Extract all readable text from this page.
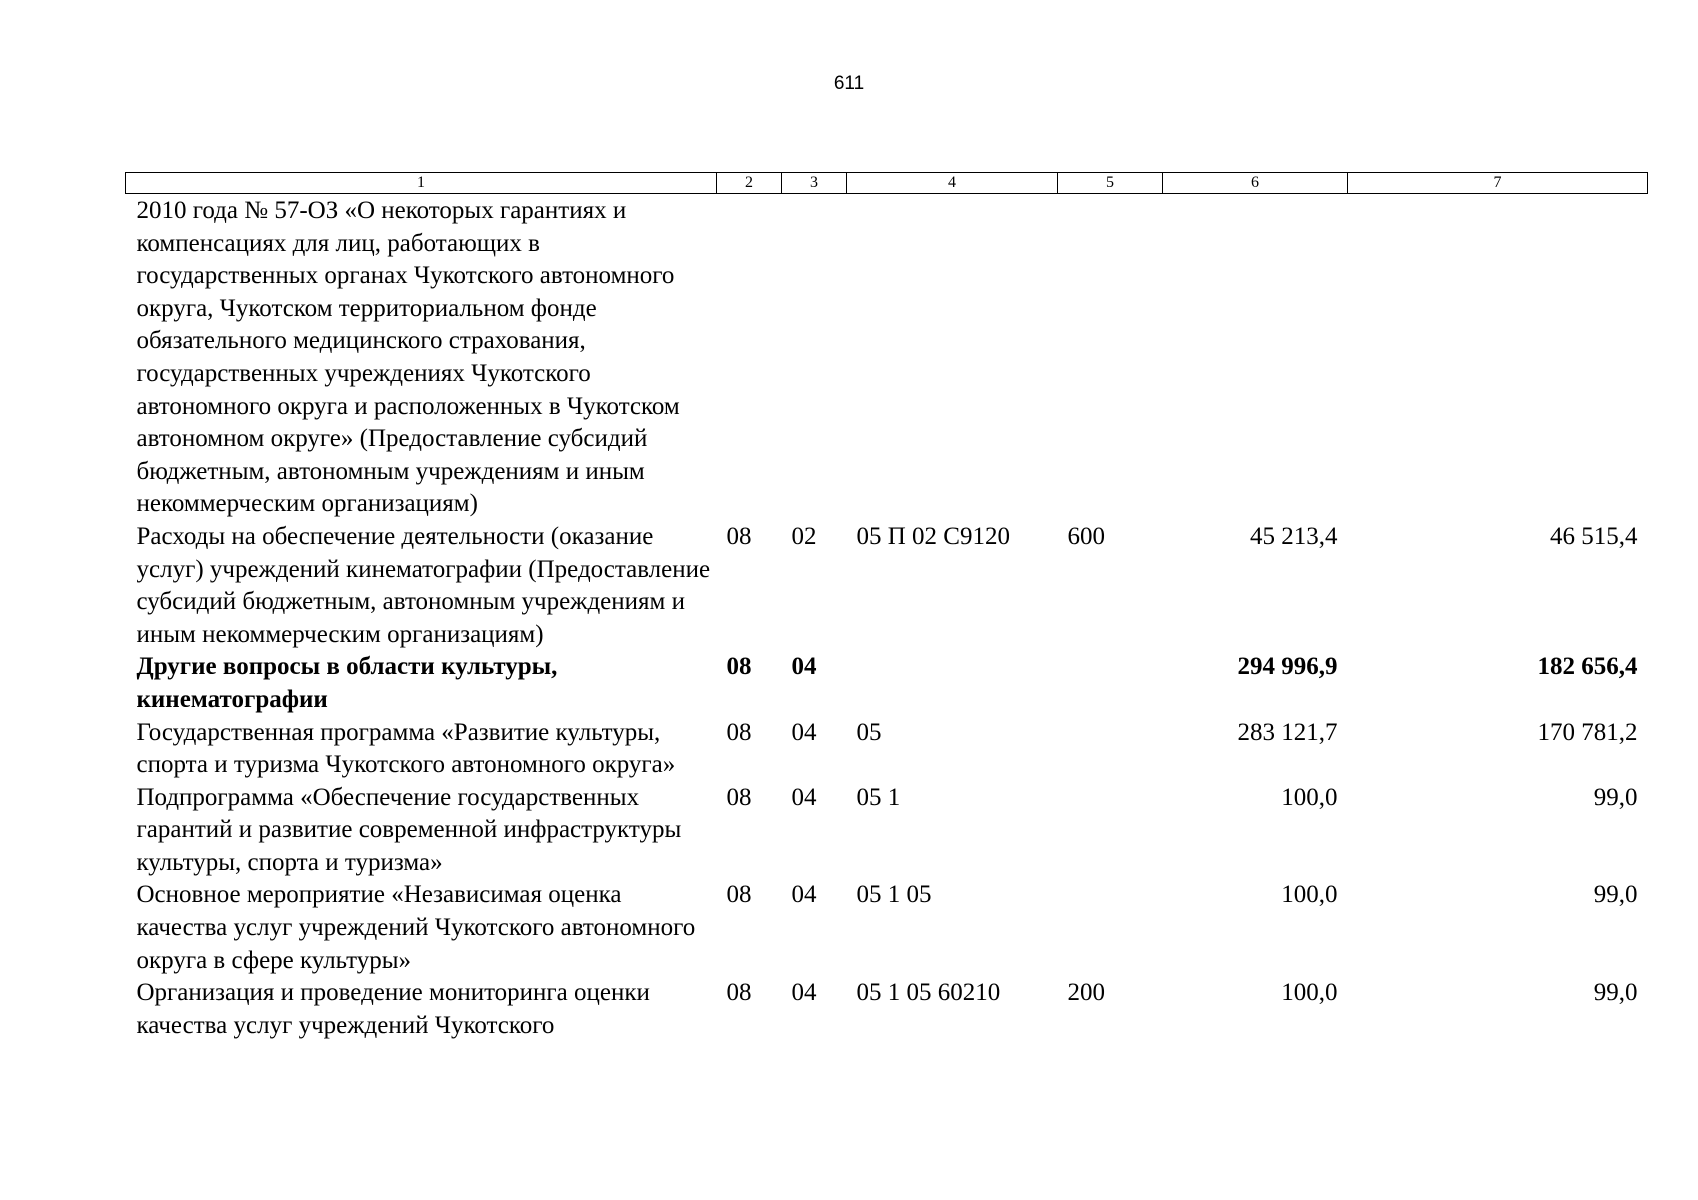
611
1	2	3	4	5	6	7
2010 года № 57-ОЗ «О некоторых гарантиях и компенсациях для лиц, работающих в государственных органах Чукотского автономного округа, Чукотском территориальном фонде обязательного медицинского страхования, государственных учреждениях Чукотского автономного округа и расположенных в Чукотском автономном округе» (Предоставление субсидий бюджетным, автономным учреждениям и иным некоммерческим организациям)						
Расходы на обеспечение деятельности (оказание услуг) учреждений кинематографии (Предоставление субсидий бюджетным, автономным учреждениям и иным некоммерческим организациям)	08	02	05 П 02 С9120	600	45 213,4	46 515,4
Другие вопросы в области культуры, кинематографии	08	04			294 996,9	182 656,4
Государственная программа «Развитие культуры, спорта и туризма Чукотского автономного округа»	08	04	05		283 121,7	170 781,2
Подпрограмма «Обеспечение государственных гарантий и развитие современной инфраструктуры культуры, спорта и туризма»	08	04	05 1		100,0	99,0
Основное мероприятие «Независимая оценка качества услуг учреждений Чукотского автономного округа в сфере культуры»	08	04	05 1 05		100,0	99,0
Организация и проведение мониторинга оценки качества услуг учреждений Чукотского	08	04	05 1 05 60210	200	100,0	99,0
